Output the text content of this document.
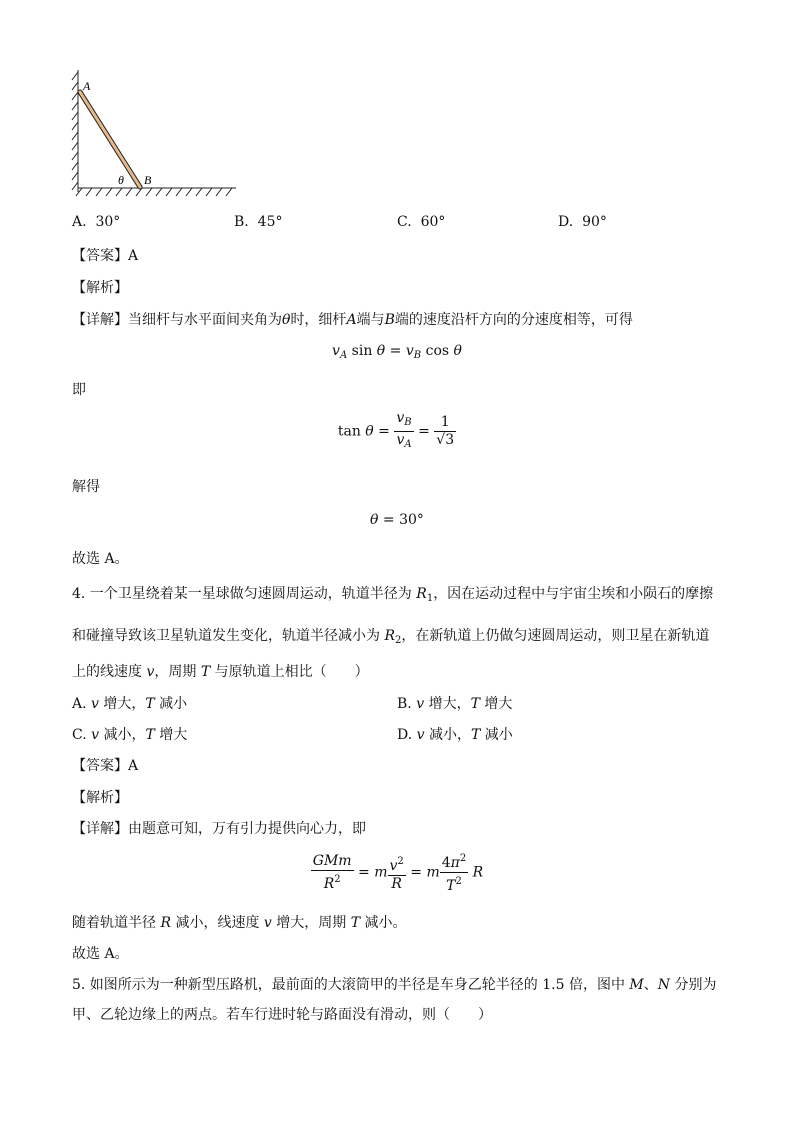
A
B
θ
A. 30°	B. 45°	C. 60°	D. 90°
【答案】A
【解析】
【详解】当细杆与水平面间夹角为θ时，细杆A端与B端的速度沿杆方向的分速度相等，可得
$v_A$ $\sin \theta = v_B$ cos θ
即
$\tan \theta = \frac{v_B}{v_A} = \frac{1}{√3}$
解得
θ = 30°
故选 A。
4. 一个卫星绕着某一星球做匀速圆周运动，轨道半径为 $R_1$，因在运动过程中与宇宙尘埃和小陨石的摩擦
和碰撞导致该卫星轨道发生变化，轨道半径减小为 $R_2$，在新轨道上仍做匀速圆周运动，则卫星在新轨道
上的线速度 v，周期 T 与原轨道上相比（　　 ）
A. v 增大，T 减小	B. v 增大，T 增大
C. v 减小，T 增大	D. v 减小，T 减小
【答案】A
【解析】
【详解】由题意可知，万有引力提供向心力，即
$\frac{\text{GMm}}{R^2} = m \frac{v^2}{R} = m \frac{4\pi^2}{T^2}$ R
随着轨道半径 R 减小，线速度 v 增大，周期 T 减小。
故选 A。
5. 如图所示为一种新型压路机，最前面的大滚筒甲的半径是车身乙轮半径的 1.5 倍，图中 M、N 分别为
甲、乙轮边缘上的两点。若车行进时轮与路面没有滑动，则（　　）
